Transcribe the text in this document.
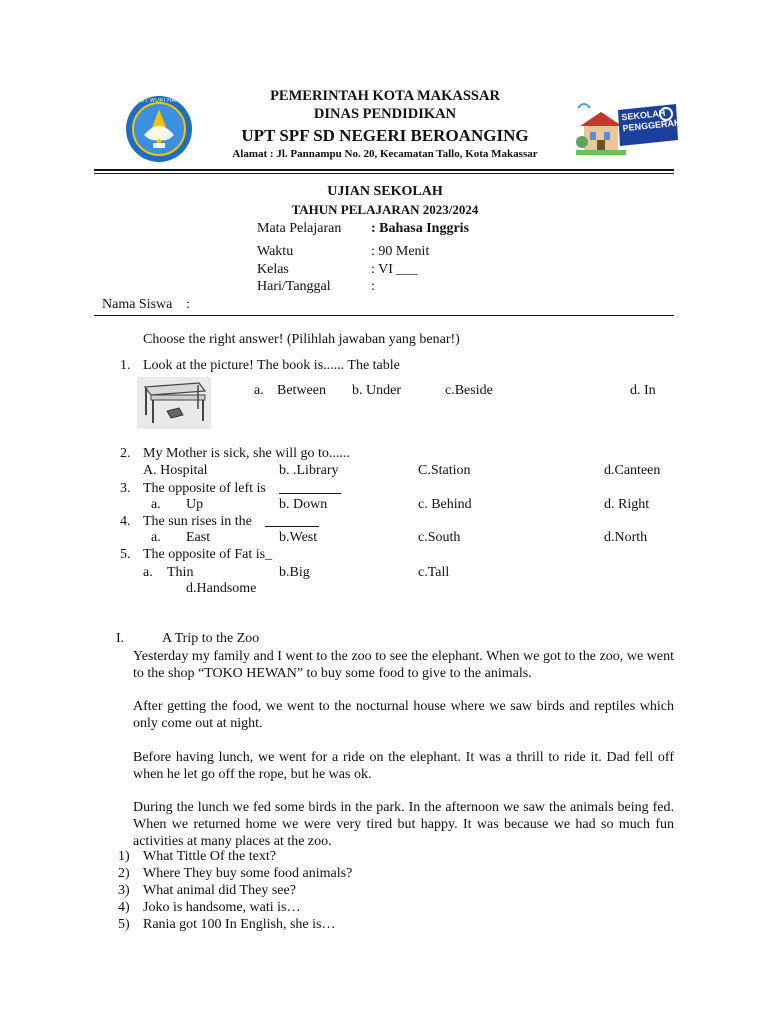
TUT WURI HANDAYANI	PEMERINTAH KOTA MAKASSAR
DINAS PENDIDIKAN
UPT SPF SD NEGERI BEROANGING
Alamat : Jl. Pannampu No. 20, Kecamatan Tallo, Kota Makassar
SEKOLAH PENGGERAK
UJIAN SEKOLAH
TAHUN PELAJARAN 2023/2024
Mata Pelajaran : Bahasa Inggris
Waktu	: 90 Menit
Kelas	: VI ___
Hari/Tanggal	:
Nama Siswa :
Choose the right answer! (Pilihlah jawaban yang benar!)
1. Look at the picture! The book is...... The table
a. Between b. Under	c.Beside	d. In
2. My Mother is sick, she will go to......
A. Hospital	b. .Library	C.Station	d.Canteen
3. The opposite of left is
a. Up	b. Down	c. Behind	d. Right
4. The sun rises in the
a. East	b.West	c.South	d.North
5. The opposite of Fat is_
a. Thin	b.Big	c.Tall
d.Handsome
I.	A Trip to the Zoo
Yesterday my family and I went to the zoo to see the elephant. When we got to the zoo, we went to the shop “TOKO HEWAN” to buy some food to give to the animals.
After getting the food, we went to the nocturnal house where we saw birds and reptiles which only come out at night.
Before having lunch, we went for a ride on the elephant. It was a thrill to ride it. Dad fell off when he let go off the rope, but he was ok.
During the lunch we fed some birds in the park. In the afternoon we saw the animals being fed. When we returned home we were very tired but happy. It was because we had so much fun activities at many places at the zoo.
1) What Tittle Of the text?
2) Where They buy some food animals?
3) What animal did They see?
4) Joko is handsome, wati is…
5) Rania got 100 In English, she is…
